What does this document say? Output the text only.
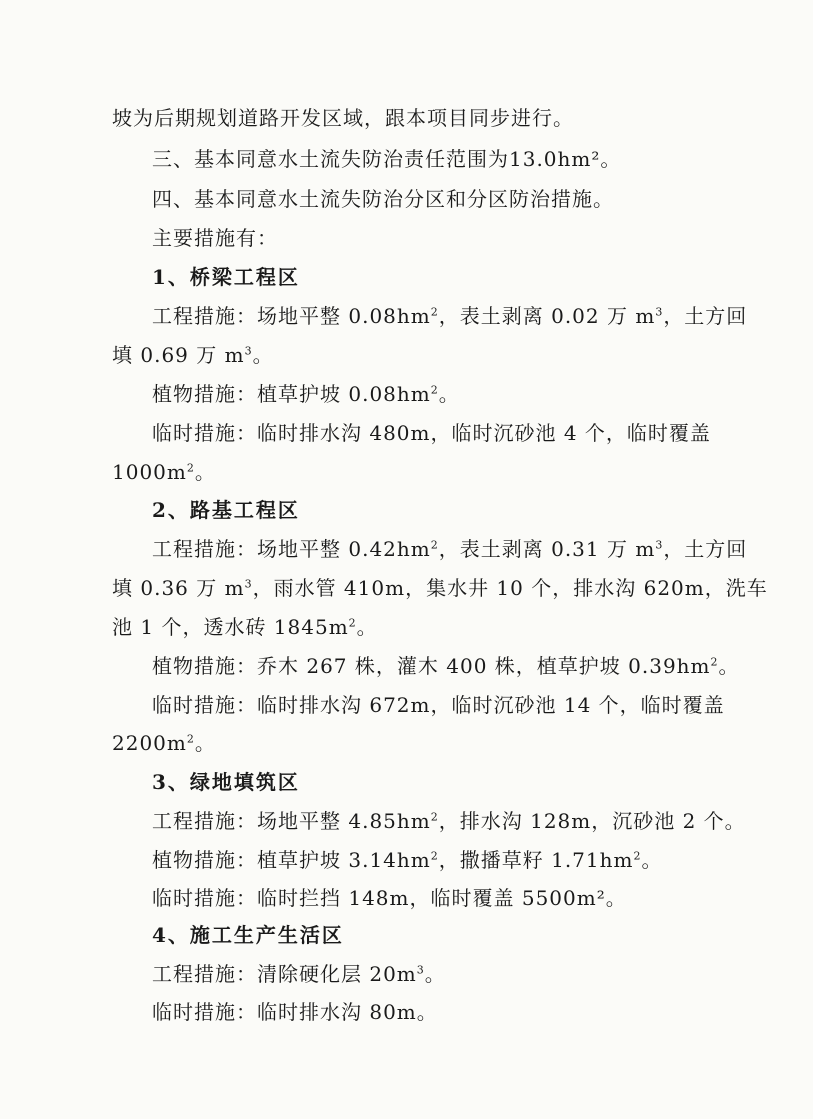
坡为后期规划道路开发区域，跟本项目同步进行。
三、基本同意水土流失防治责任范围为13.0hm²。
四、基本同意水土流失防治分区和分区防治措施。
主要措施有：
1、桥梁工程区
工程措施：场地平整 $0.08hm^2$，表土剥离 0.02 万 $m^3$，土方回
填 0.69 万 $m^3$。
植物措施：植草护坡 $0.08hm^2$。
临时措施：临时排水沟 480m，临时沉砂池 4 个，临时覆盖
$1000m^2$。
2、路基工程区
工程措施：场地平整 $0.42hm^2$，表土剥离 0.31 万 $m^3$，土方回
填 0.36 万 $m^3$，雨水管 410m，集水井 10 个，排水沟 620m，洗车
池 1 个，透水砖 $1845m^2$。
植物措施：乔木 267 株，灌木 400 株，植草护坡 $0.39hm^2$。
临时措施：临时排水沟 672m，临时沉砂池 14 个，临时覆盖
$2200m^2$。
3、绿地填筑区
工程措施：场地平整 $4.85hm^2$，排水沟 128m，沉砂池 2 个。
植物措施：植草护坡 $3.14hm^2$，撒播草籽 $1.71hm^2$。
临时措施：临时拦挡 148m，临时覆盖 5500m²。
4、施工生产生活区
工程措施：清除硬化层 $20m^3$。
临时措施：临时排水沟 80m。
